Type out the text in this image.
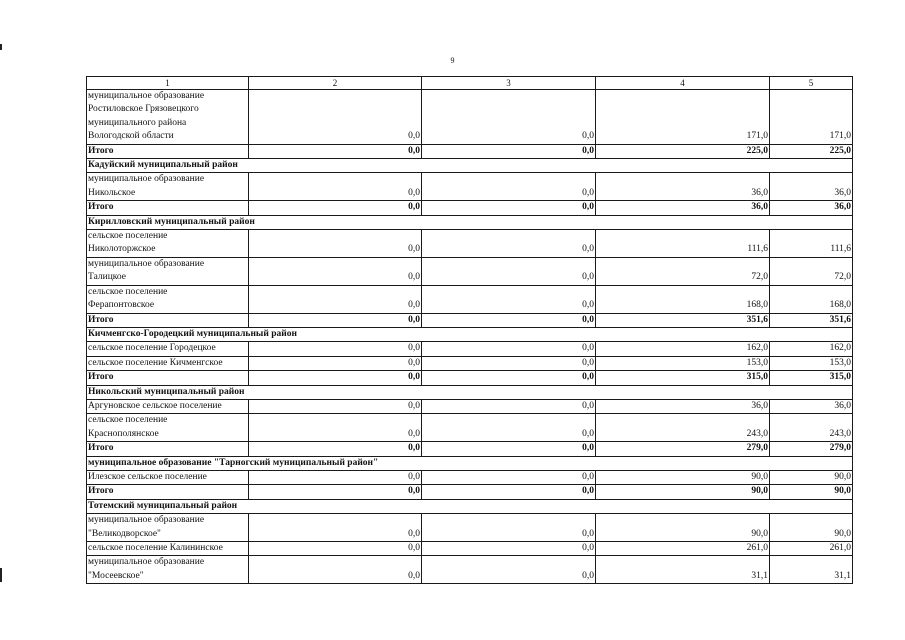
9
1	2	3	4	5

муниципальное образование
Ростиловское Грязовецкого
муниципального района
Вологодской области	0,0	0,0	171,0	171,0

Итого	0,0	0,0	225,0	225,0
Кадуйский муниципальный район				

муниципальное образование
Никольское	0,0	0,0	36,0	36,0

Итого	0,0	0,0	36,0	36,0
Кирилловский муниципальный район				

сельское поселение
Николоторжское	0,0	0,0	111,6	111,6

муниципальное образование
Талицкое	0,0	0,0	72,0	72,0

сельское поселение
Ферапонтовское	0,0	0,0	168,0	168,0

Итого	0,0	0,0	351,6	351,6
Кичменгско-Городецкий муниципальный район				

сельское поселение Городецкое	0,0	0,0	162,0	162,0

сельское поселение Кичменгское	0,0	0,0	153,0	153,0

Итого	0,0	0,0	315,0	315,0
Никольский муниципальный район				

Аргуновское сельское поселение	0,0	0,0	36,0	36,0

сельское поселение
Краснополянское	0,0	0,0	243,0	243,0

Итого	0,0	0,0	279,0	279,0
муниципальное образование "Тарногский муниципальный район"				

Илезское сельское поселение	0,0	0,0	90,0	90,0

Итого	0,0	0,0	90,0	90,0
Тотемский муниципальный район				

муниципальное образование
"Великодворское"	0,0	0,0	90,0	90,0

сельское поселение Калининское	0,0	0,0	261,0	261,0

муниципальное образование
"Мосеевское"	0,0	0,0	31,1	31,1
